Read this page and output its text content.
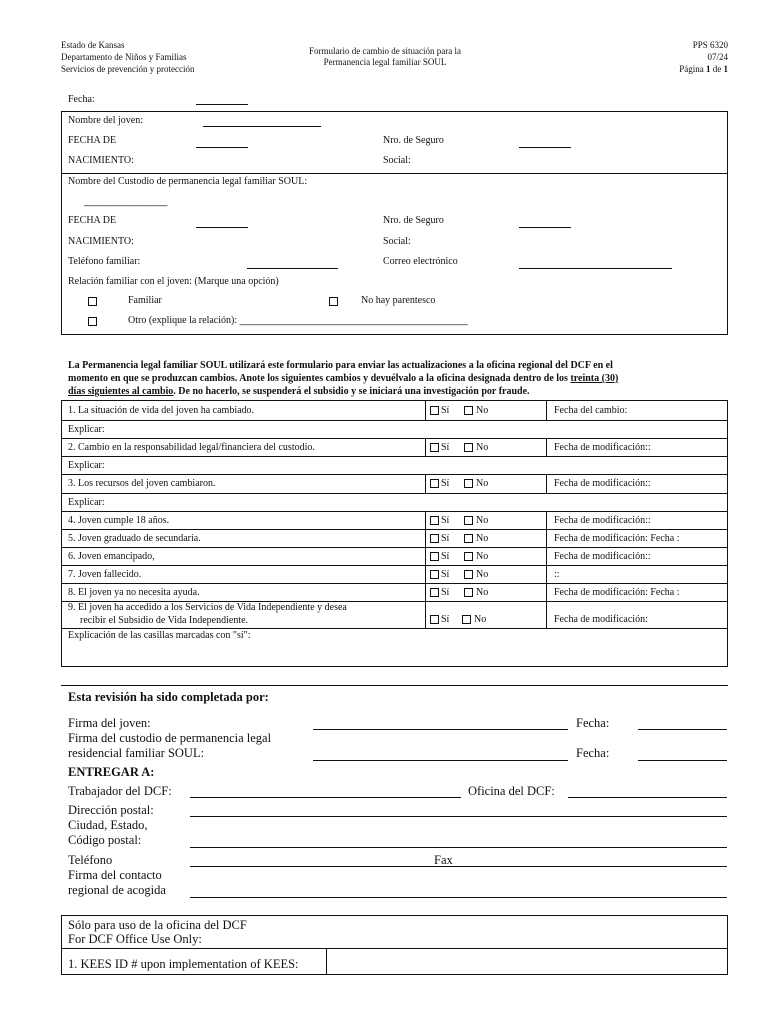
Estado de Kansas
Departamento de Niños y Familias
Servicios de prevención y protección
Formulario de cambio de situación para la
Permanencia legal familiar SOUL
PPS 6320
07/24
Página 1 de 1
Fecha:
Nombre del joven:
FECHA DE
NACIMIENTO:
Nro. de Seguro
Social:
Nombre del Custodio de permanencia legal familiar SOUL:
_______________
FECHA DE
NACIMIENTO:
Nro. de Seguro
Social:
Teléfono familiar:	Correo electrónico
Relación familiar con el joven: (Marque una opción)
Familiar	No hay parentesco
Otro (explique la relación): _________________________________________
La Permanencia legal familiar SOUL utilizará este formulario para enviar las actualizaciones a la oficina regional del DCF en el
momento en que se produzcan cambios. Anote los siguientes cambios y devuélvalo a la oficina designada dentro de los treinta (30)
días siguientes al cambio. De no hacerlo, se suspenderá el subsidio y se iniciará una investigación por fraude.
1. La situación de vida del joven ha cambiado.	Sí	No	Fecha del cambio:
Explicar:
2. Cambio en la responsabilidad legal/financiera del custodio.	Sí	No	Fecha de modificación::
Explicar:
3. Los recursos del joven cambiaron.	Sí	No	Fecha de modificación::
Explicar:
4. Joven cumple 18 años.	Sí	No	Fecha de modificación::
5. Joven graduado de secundaria.	Sí	No	Fecha de modificación: Fecha :
6. Joven emancipado,	Sí	No	Fecha de modificación::
7. Joven fallecido.	Sí	No	::
8. El joven ya no necesita ayuda.	Sí	No	Fecha de modificación: Fecha :
9. El joven ha accedido a los Servicios de Vida Independiente y desea
recibir el Subsidio de Vida Independiente.	Sí No	Fecha de modificación:
Explicación de las casillas marcadas con "sí":
Esta revisión ha sido completada por:
Firma del joven:	Fecha:
Firma del custodio de permanencia legal
residencial familiar SOUL:	Fecha:
ENTREGAR A:
Trabajador del DCF:	Oficina del DCF:
Dirección postal:
Ciudad, Estado,
Código postal:
Teléfono	Fax
Firma del contacto
regional de acogida
Sólo para uso de la oficina del DCF
For DCF Office Use Only:
1. KEES ID # upon implementation of KEES:
